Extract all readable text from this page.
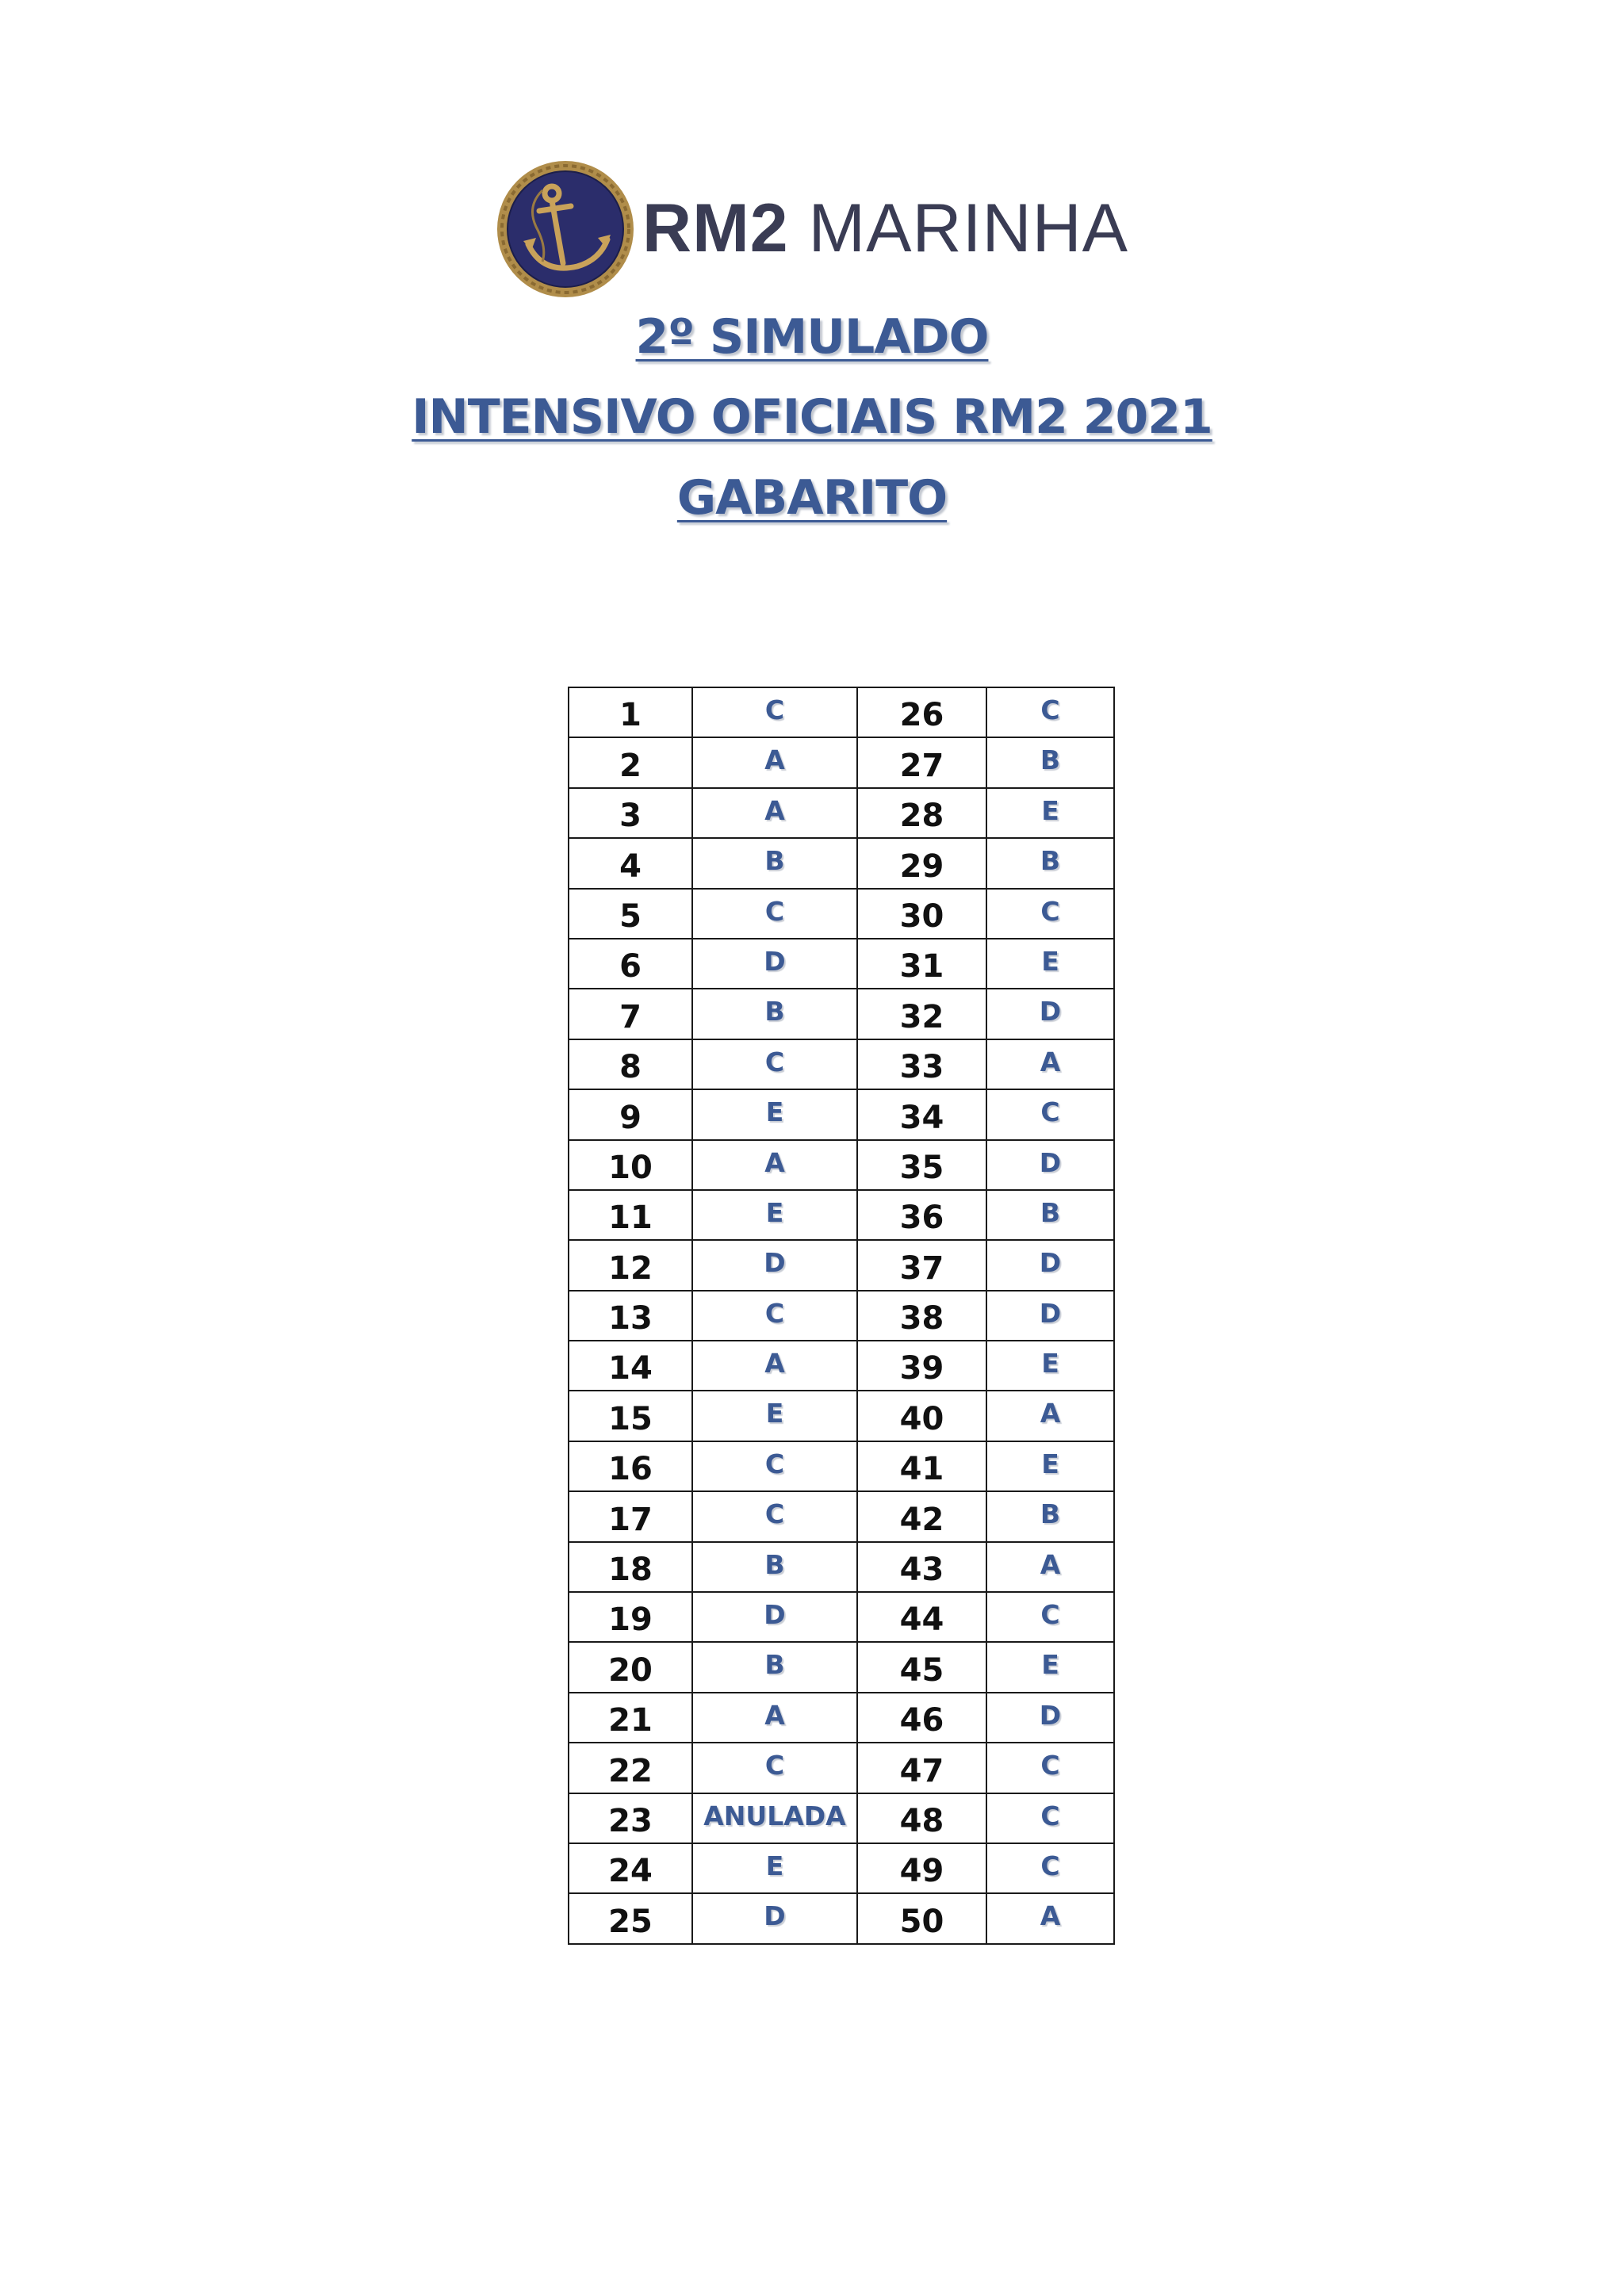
RM2 MARINHA
2º SIMULADO
INTENSIVO OFICIAIS RM2 2021
GABARITO
1	C	26	C
2	A	27	B
3	A	28	E
4	B	29	B
5	C	30	C
6	D	31	E
7	B	32	D
8	C	33	A
9	E	34	C
10	A	35	D
11	E	36	B
12	D	37	D
13	C	38	D
14	A	39	E
15	E	40	A
16	C	41	E
17	C	42	B
18	B	43	A
19	D	44	C
20	B	45	E
21	A	46	D
22	C	47	C
23	ANULADA	48	C
24	E	49	C
25	D	50	A
